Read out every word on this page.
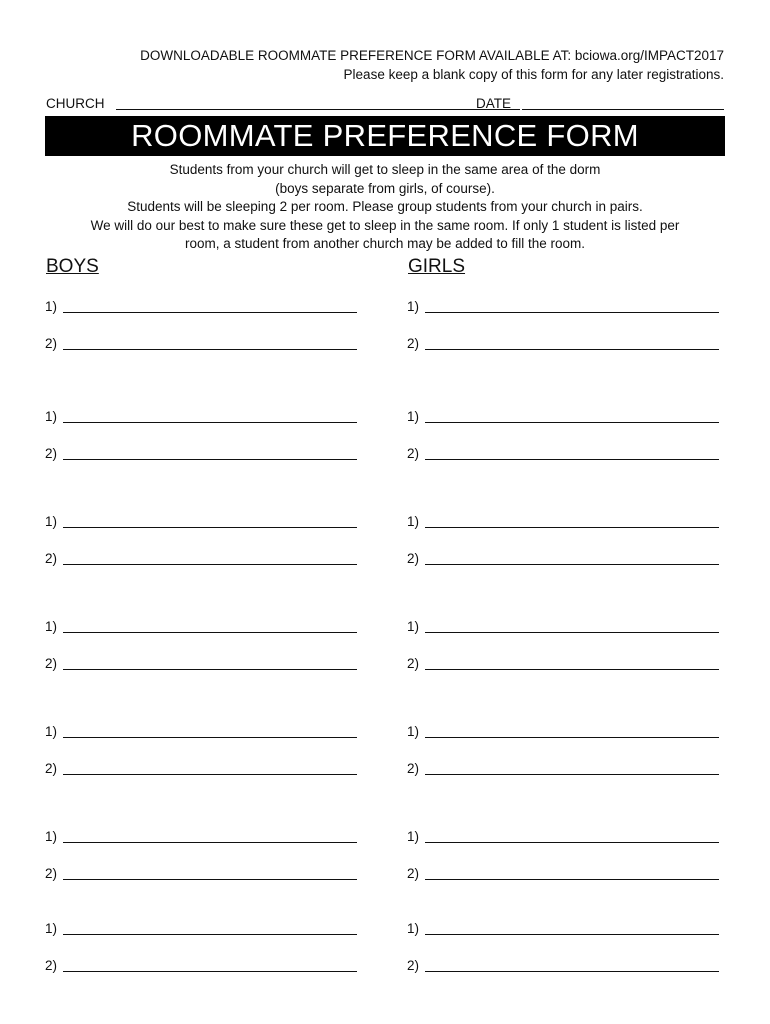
DOWNLOADABLE ROOMMATE PREFERENCE FORM AVAILABLE AT: bciowa.org/IMPACT2017
Please keep a blank copy of this form for any later registrations.
CHURCH	DATE
ROOMMATE PREFERENCE FORM
Students from your church will get to sleep in the same area of the dorm
(boys separate from girls, of course).
Students will be sleeping 2 per room. Please group students from your church in pairs.
We will do our best to make sure these get to sleep in the same room. If only 1 student is listed per
room, a student from another church may be added to fill the room.
BOYS	GIRLS
1)
2)
1)
2)
1)
2)
1)
2)
1)
2)
1)
2)
1)
2)
1)
2)
1)
2)
1)
2)
1)
2)
1)
2)
1)
2)
1)
2)
